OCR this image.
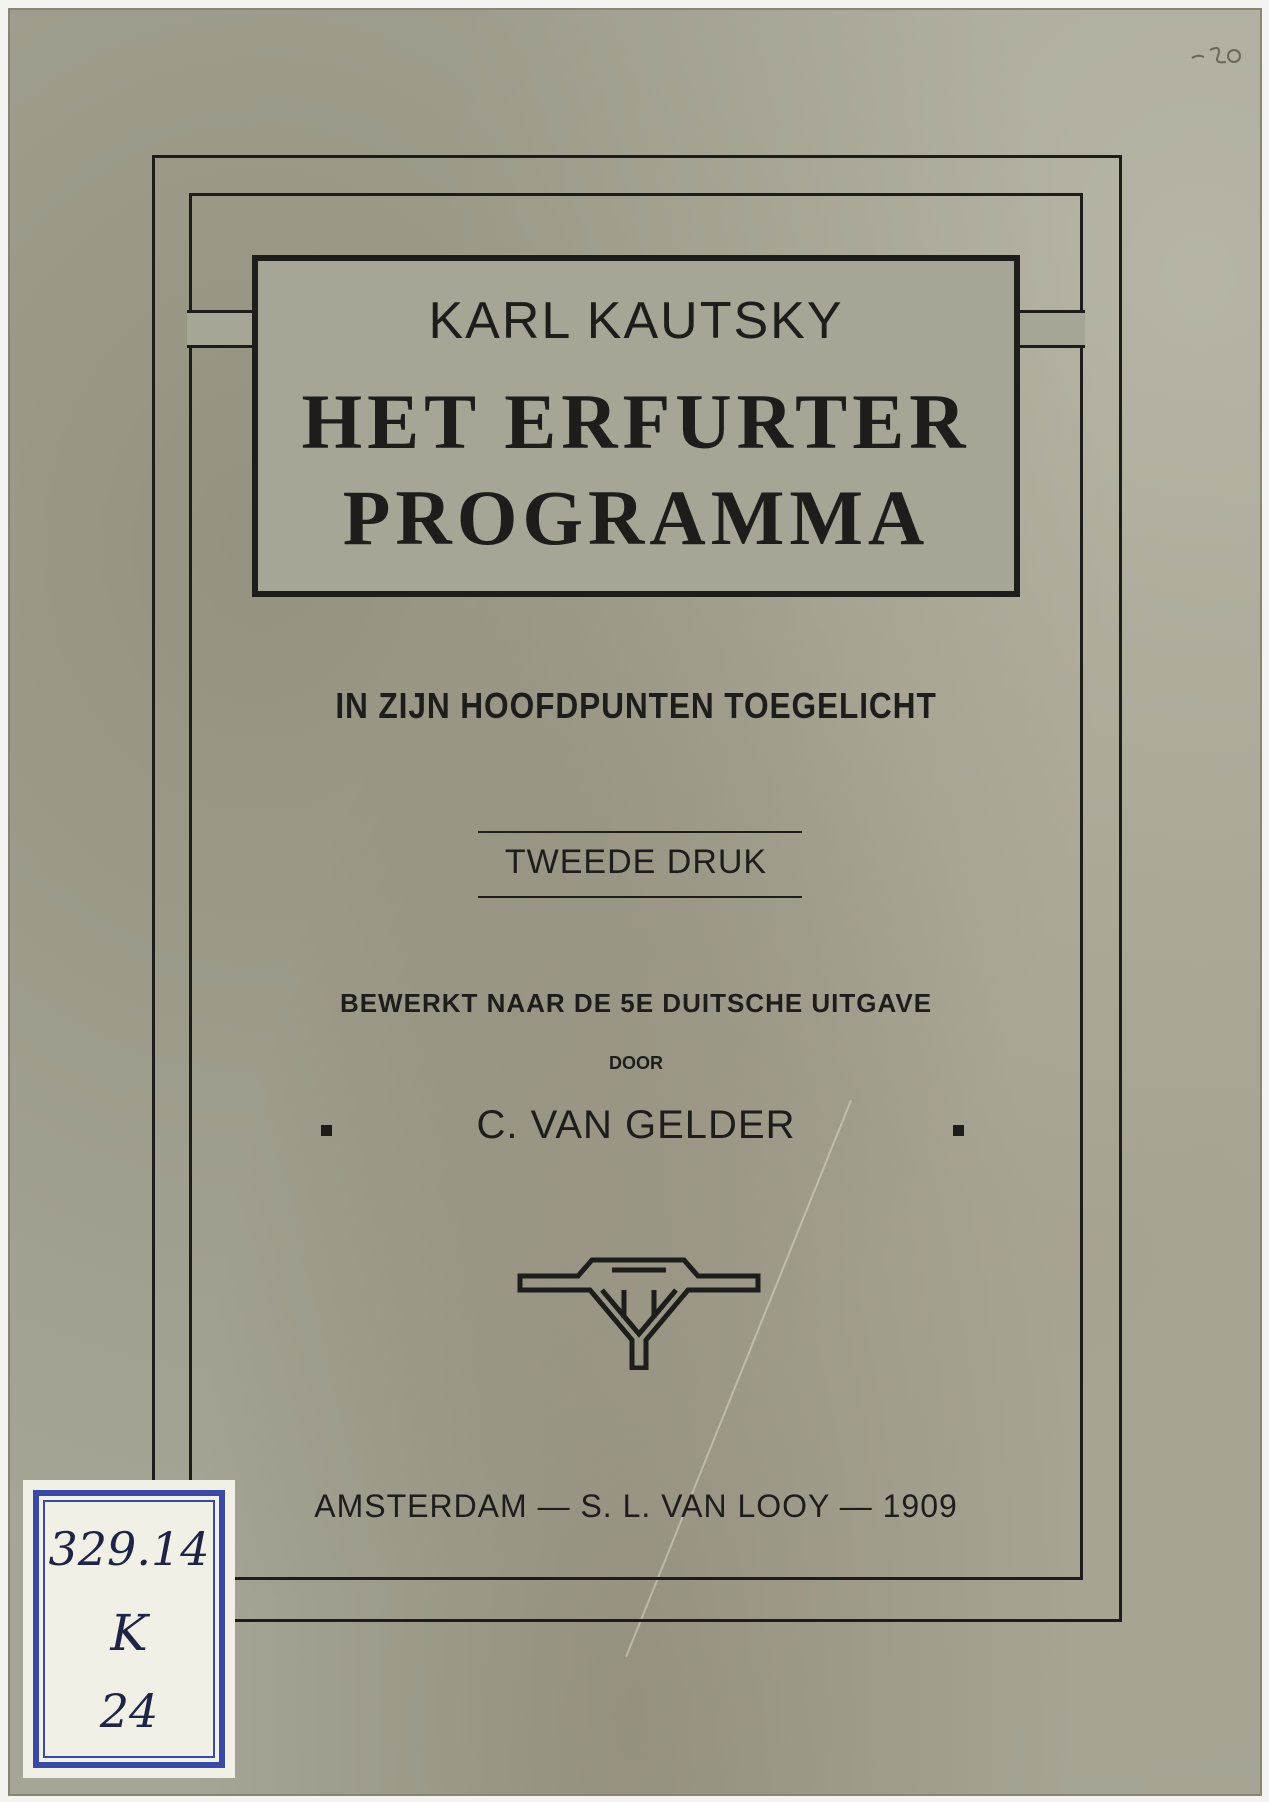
KARL KAUTSKY
HET ERFURTER
PROGRAMMA
IN ZIJN HOOFDPUNTEN TOEGELICHT
TWEEDE DRUK
BEWERKT NAAR DE 5E DUITSCHE UITGAVE
DOOR
C. VAN GELDER
AMSTERDAM — S. L. VAN LOOY — 1909
329.14
K
24
